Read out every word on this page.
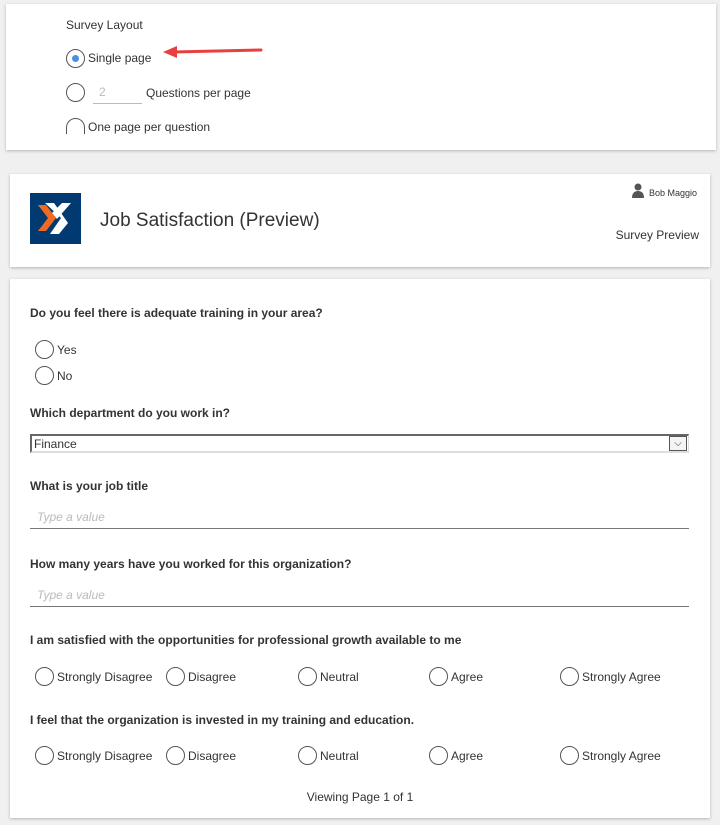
Survey Layout
Single page
2	Questions per page
One page per question
Job Satisfaction (Preview)
Bob Maggio
Survey Preview
Do you feel there is adequate training in your area?
Yes
No
Which department do you work in?
Finance	⌵
What is your job title
Type a value
How many years have you worked for this organization?
Type a value
I am satisfied with the opportunities for professional growth available to me
Strongly Disagree	Disagree	Neutral	Agree	Strongly Agree
I feel that the organization is invested in my training and education.
Strongly Disagree	Disagree	Neutral	Agree	Strongly Agree
Viewing Page 1 of 1
